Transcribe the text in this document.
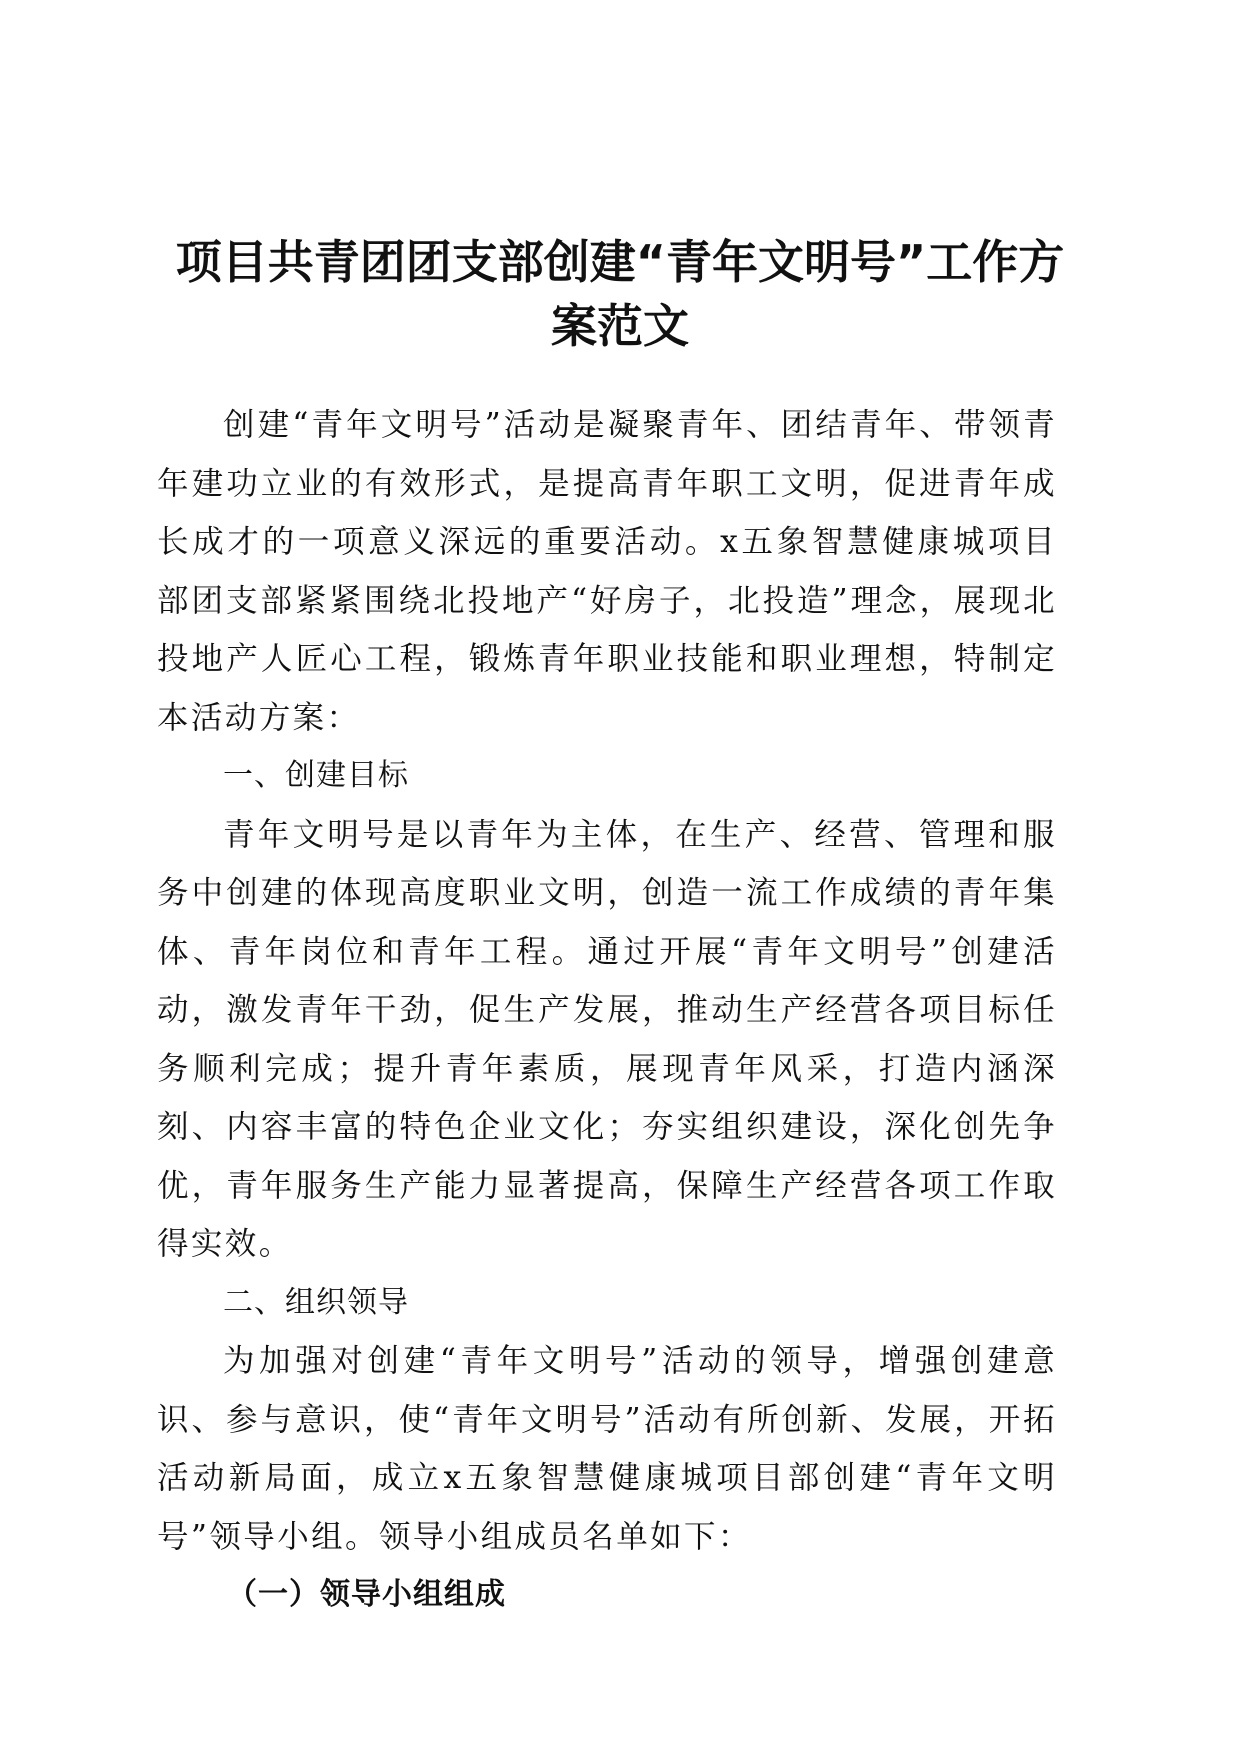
项目共青团团支部创建“青年文明号”工作方
案范文

创建“青年文明号”活动是凝聚青年、团结青年、带领青年建功立业的有效形式，是提高青年职工文明，促进青年成长成才的一项意义深远的重要活动。x五象智慧健康城项目部团支部紧紧围绕北投地产“好房子，北投造”理念，展现北投地产人匠心工程，锻炼青年职业技能和职业理想，特制定本活动方案：

一、创建目标

青年文明号是以青年为主体，在生产、经营、管理和服务中创建的体现高度职业文明，创造一流工作成绩的青年集体、青年岗位和青年工程。通过开展“青年文明号”创建活动，激发青年干劲，促生产发展，推动生产经营各项目标任务顺利完成；提升青年素质，展现青年风采，打造内涵深刻、内容丰富的特色企业文化；夯实组织建设，深化创先争优，青年服务生产能力显著提高，保障生产经营各项工作取得实效。

二、组织领导

为加强对创建“青年文明号”活动的领导，增强创建意识、参与意识，使“青年文明号”活动有所创新、发展，开拓活动新局面，成立x五象智慧健康城项目部创建“青年文明号”领导小组。领导小组成员名单如下：

（一）领导小组组成
